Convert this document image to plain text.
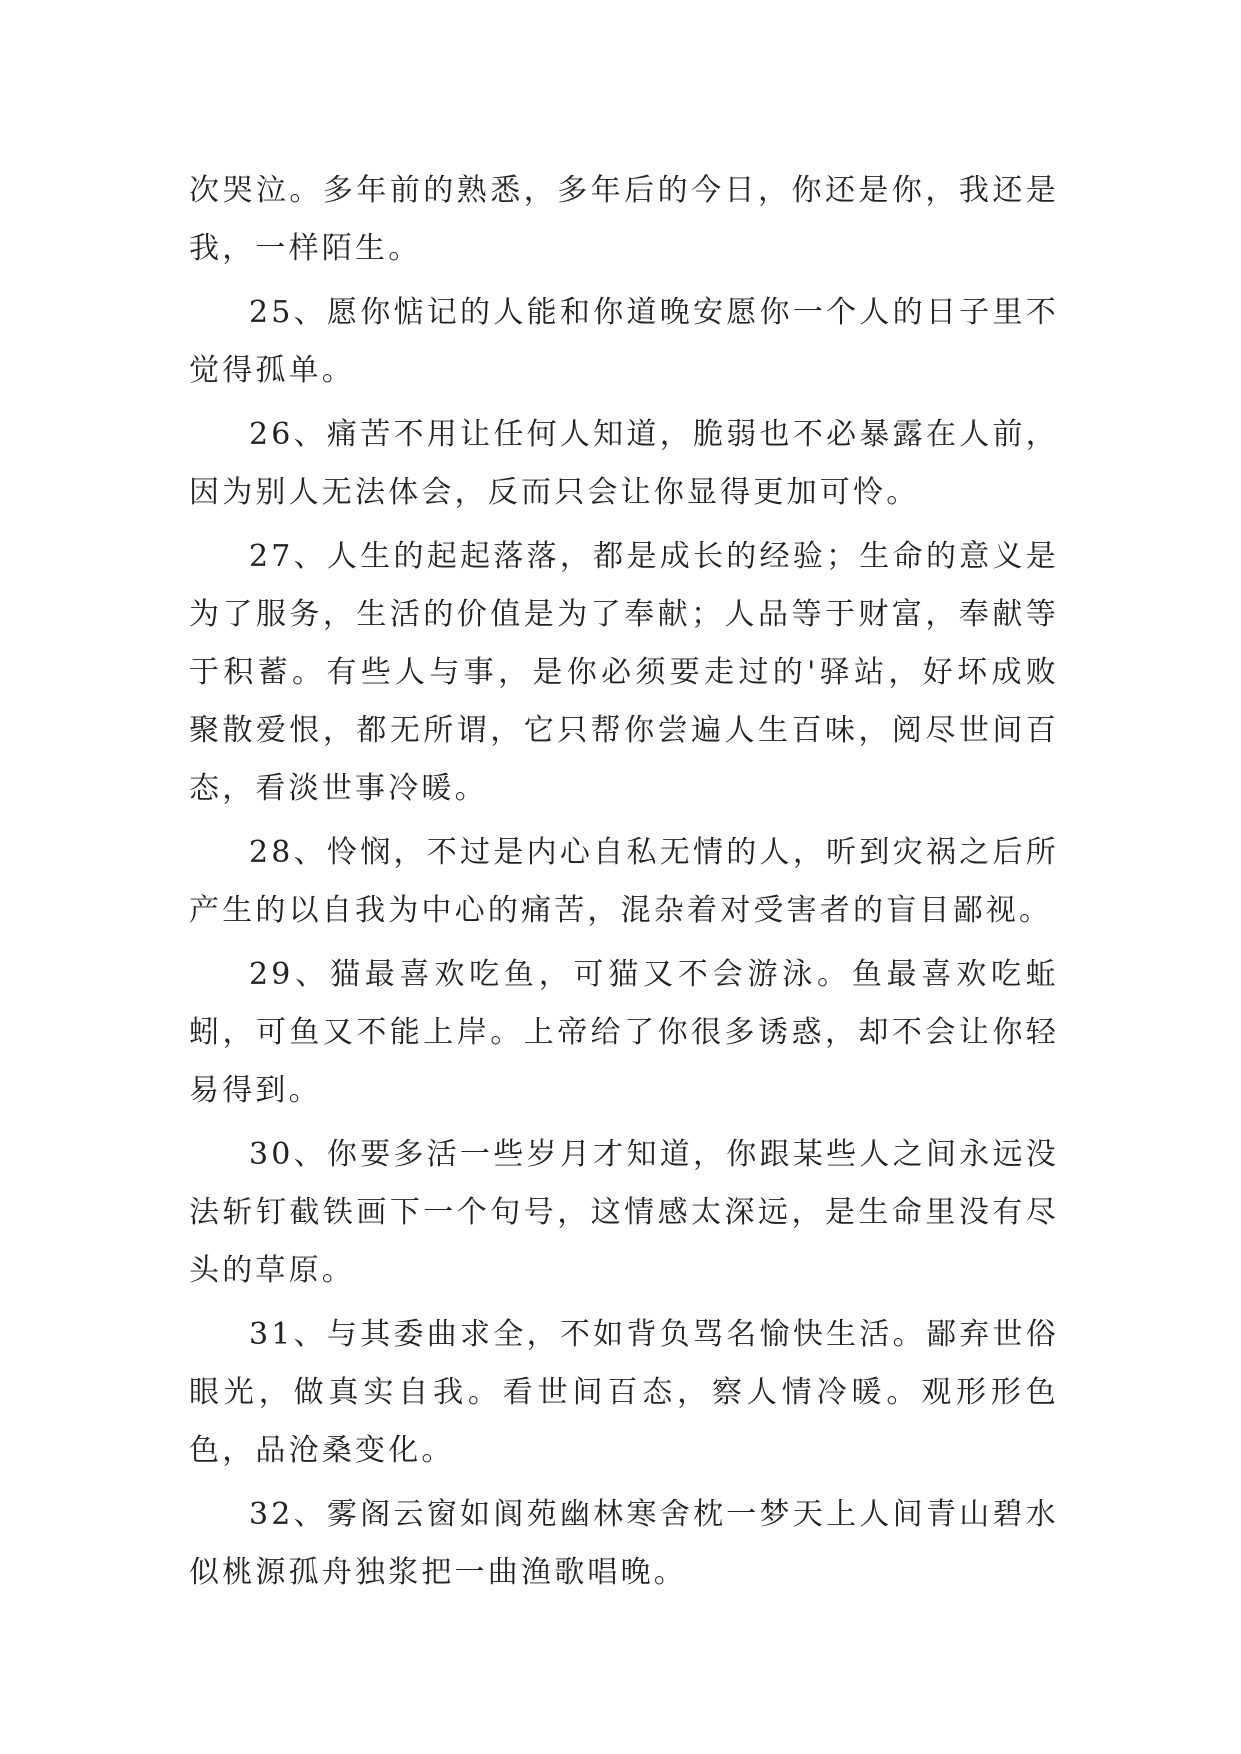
次哭泣。多年前的熟悉，多年后的今日，你还是你，我还是我，一样陌生。

25、愿你惦记的人能和你道晚安愿你一个人的日子里不觉得孤单。

26、痛苦不用让任何人知道，脆弱也不必暴露在人前，因为别人无法体会，反而只会让你显得更加可怜。

27、人生的起起落落，都是成长的经验；生命的意义是为了服务，生活的价值是为了奉献；人品等于财富，奉献等于积蓄。有些人与事，是你必须要走过的'驿站，好坏成败聚散爱恨，都无所谓，它只帮你尝遍人生百味，阅尽世间百态，看淡世事冷暖。

28、怜悯，不过是内心自私无情的人，听到灾祸之后所产生的以自我为中心的痛苦，混杂着对受害者的盲目鄙视。

29、猫最喜欢吃鱼，可猫又不会游泳。鱼最喜欢吃蚯蚓，可鱼又不能上岸。上帝给了你很多诱惑，却不会让你轻易得到。

30、你要多活一些岁月才知道，你跟某些人之间永远没法斩钉截铁画下一个句号，这情感太深远，是生命里没有尽头的草原。

31、与其委曲求全，不如背负骂名愉快生活。鄙弃世俗眼光，做真实自我。看世间百态，察人情冷暖。观形形色色，品沧桑变化。

32、雾阁云窗如阆苑幽林寒舍枕一梦天上人间青山碧水似桃源孤舟独浆把一曲渔歌唱晚。
